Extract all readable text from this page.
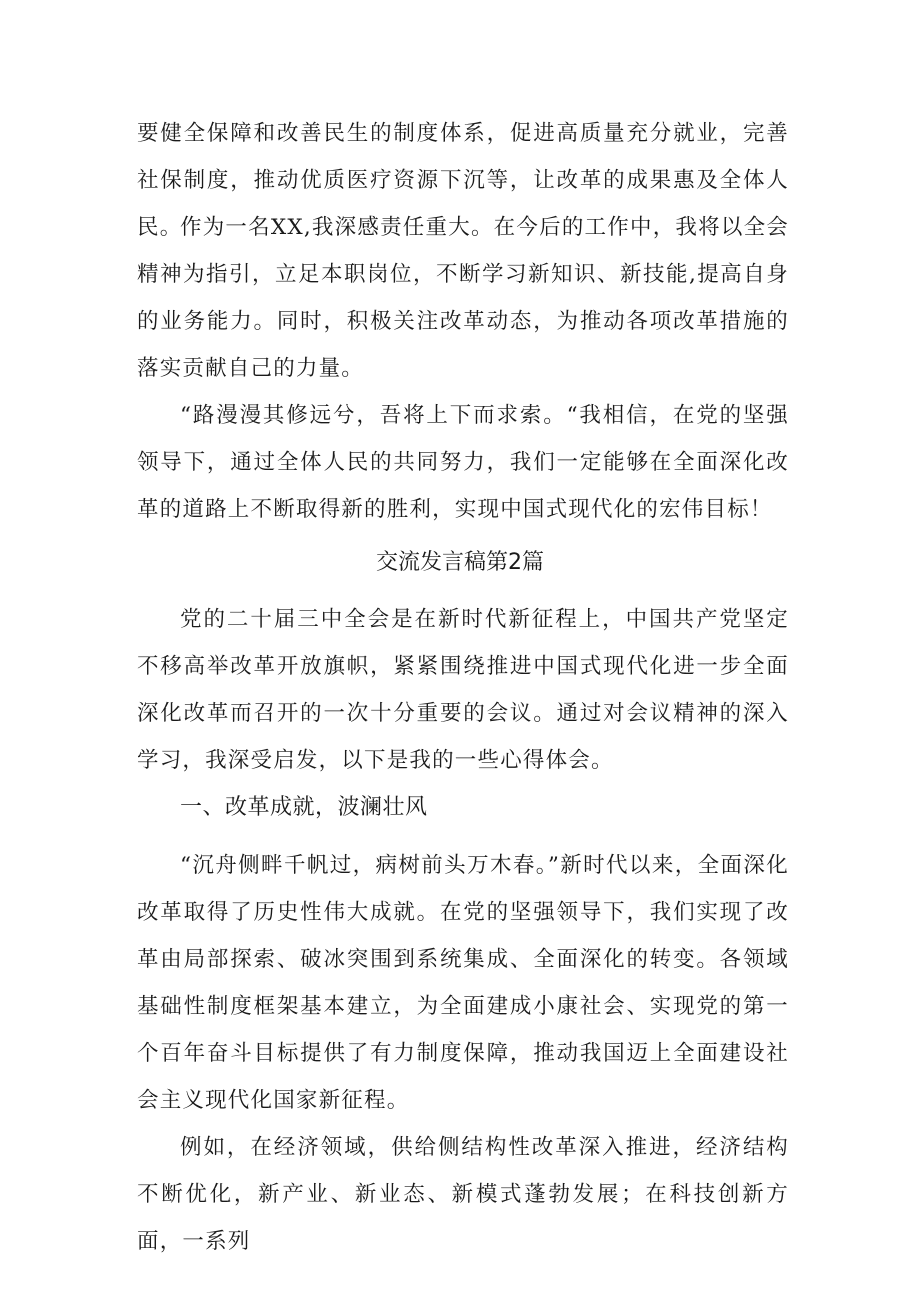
要健全保障和改善民生的制度体系，促进高质量充分就业，完善社保制度，推动优质医疗资源下沉等，让改革的成果惠及全体人民。

作为一名XX,我深感责任重大。在今后的工作中，我将以全会精神为指引，立足本职岗位，不断学习新知识、新技能,提高自身的业务能力。同时，积极关注改革动态，为推动各项改革措施的落实贡献自己的力量。

“路漫漫其修远兮，吾将上下而求索。“我相信，在党的坚强领导下，通过全体人民的共同努力，我们一定能够在全面深化改革的道路上不断取得新的胜利，实现中国式现代化的宏伟目标！

交流发言稿第2篇

党的二十届三中全会是在新时代新征程上，中国共产党坚定不移高举改革开放旗帜，紧紧围绕推进中国式现代化进一步全面深化改革而召开的一次十分重要的会议。通过对会议精神的深入学习，我深受启发，以下是我的一些心得体会。

一、改革成就，波澜壮风

“沉舟侧畔千帆过，病树前头万木春。”新时代以来，全面深化改革取得了历史性伟大成就。在党的坚强领导下，我们实现了改革由局部探索、破冰突围到系统集成、全面深化的转变。各领域基础性制度框架基本建立，为全面建成小康社会、实现党的第一个百年奋斗目标提供了有力制度保障，推动我国迈上全面建设社会主义现代化国家新征程。

例如，在经济领域，供给侧结构性改革深入推进，经济结构不断优化，新产业、新业态、新模式蓬勃发展；在科技创新方面，一系列
